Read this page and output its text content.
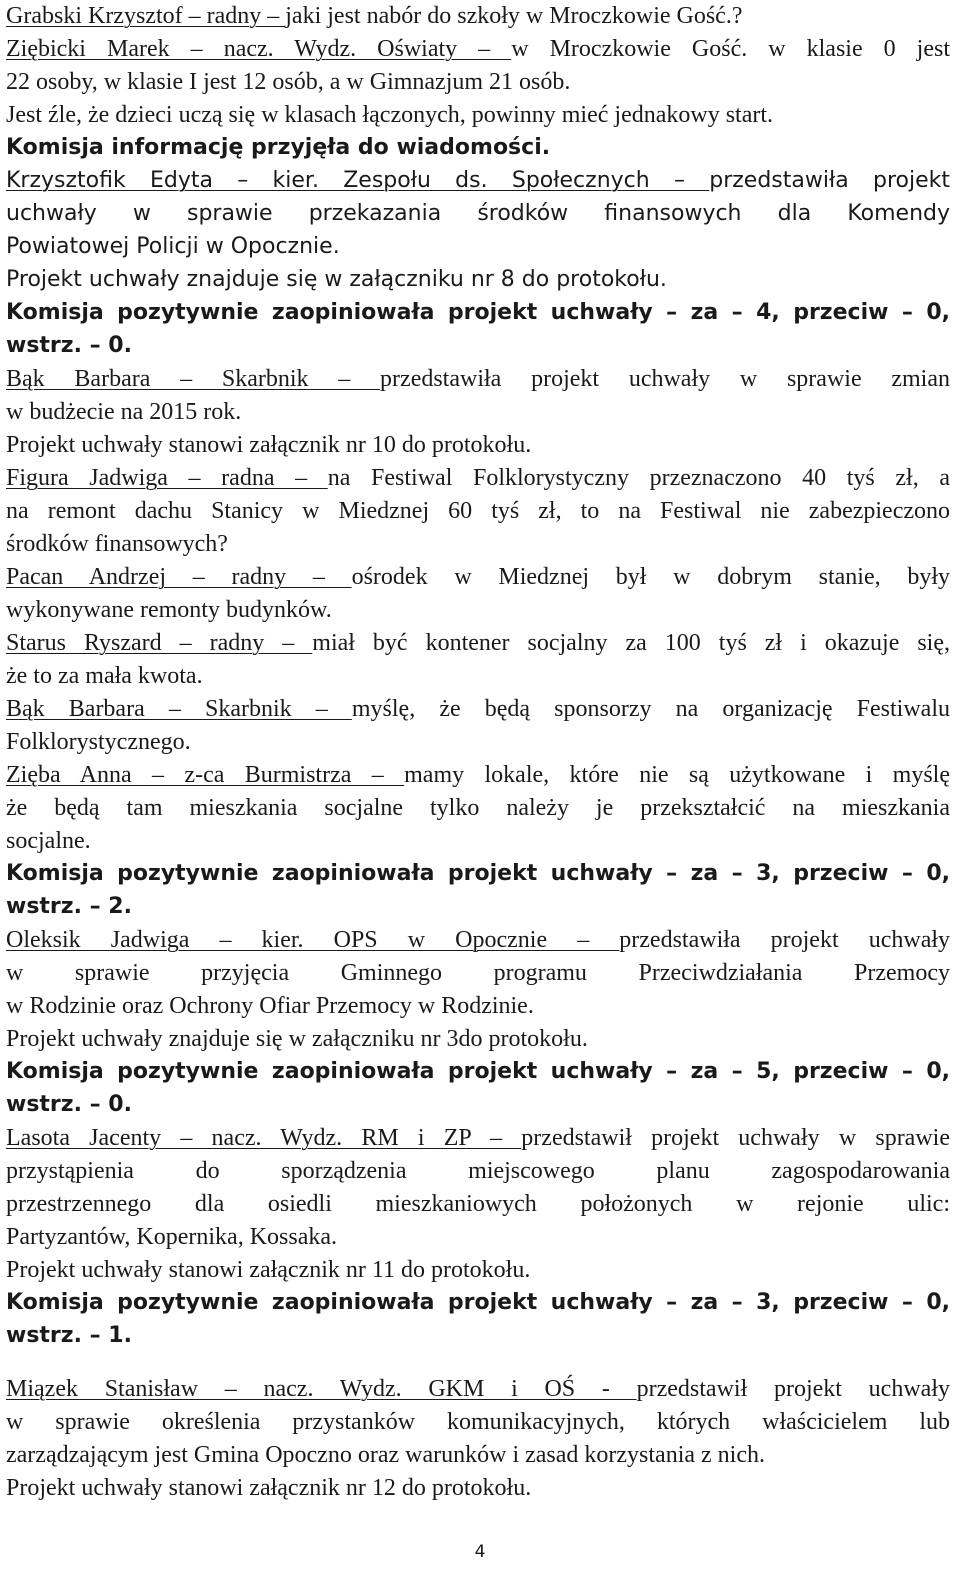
Grabski Krzysztof – radny – jaki jest nabór do szkoły w Mroczkowie Gość.?
Ziębicki Marek – nacz. Wydz. Oświaty – w Mroczkowie Gość. w klasie 0 jest
22 osoby, w klasie I jest 12 osób, a w Gimnazjum 21 osób.
Jest źle, że dzieci uczą się w klasach łączonych, powinny mieć jednakowy start.
Komisja informację przyjęła do wiadomości.
Krzysztofik Edyta – kier. Zespołu ds. Społecznych – przedstawiła projekt
uchwały w sprawie przekazania środków finansowych dla Komendy
Powiatowej Policji w Opocznie.
Projekt uchwały znajduje się w załączniku nr 8 do protokołu.
Komisja pozytywnie zaopiniowała projekt uchwały – za – 4, przeciw – 0,
wstrz. – 0.
Bąk Barbara – Skarbnik – przedstawiła projekt uchwały w sprawie zmian
w budżecie na 2015 rok.
Projekt uchwały stanowi załącznik nr 10 do protokołu.
Figura Jadwiga – radna – na Festiwal Folklorystyczny przeznaczono 40 tyś zł, a
na remont dachu Stanicy w Miedznej 60 tyś zł, to na Festiwal nie zabezpieczono
środków finansowych?
Pacan Andrzej – radny – ośrodek w Miedznej był w dobrym stanie, były
wykonywane remonty budynków.
Starus Ryszard – radny – miał być kontener socjalny za 100 tyś zł i okazuje się,
że to za mała kwota.
Bąk Barbara – Skarbnik – myślę, że będą sponsorzy na organizację Festiwalu
Folklorystycznego.
Zięba Anna – z-ca Burmistrza – mamy lokale, które nie są użytkowane i myślę
że będą tam mieszkania socjalne tylko należy je przekształcić na mieszkania
socjalne.
Komisja pozytywnie zaopiniowała projekt uchwały – za – 3, przeciw – 0,
wstrz. – 2.
Oleksik Jadwiga – kier. OPS w Opocznie – przedstawiła projekt uchwały
w sprawie przyjęcia Gminnego programu Przeciwdziałania Przemocy
w Rodzinie oraz Ochrony Ofiar Przemocy w Rodzinie.
Projekt uchwały znajduje się w załączniku nr 3do protokołu.
Komisja pozytywnie zaopiniowała projekt uchwały – za – 5, przeciw – 0,
wstrz. – 0.
Lasota Jacenty – nacz. Wydz. RM i ZP – przedstawił projekt uchwały w sprawie
przystąpienia do sporządzenia miejscowego planu zagospodarowania
przestrzennego dla osiedli mieszkaniowych położonych w rejonie ulic:
Partyzantów, Kopernika, Kossaka.
Projekt uchwały stanowi załącznik nr 11 do protokołu.
Komisja pozytywnie zaopiniowała projekt uchwały – za – 3, przeciw – 0,
wstrz. – 1.
Miązek Stanisław – nacz. Wydz. GKM i OŚ - przedstawił projekt uchwały
w sprawie określenia przystanków komunikacyjnych, których właścicielem lub
zarządzającym jest Gmina Opoczno oraz warunków i zasad korzystania z nich.
Projekt uchwały stanowi załącznik nr 12 do protokołu.
4
